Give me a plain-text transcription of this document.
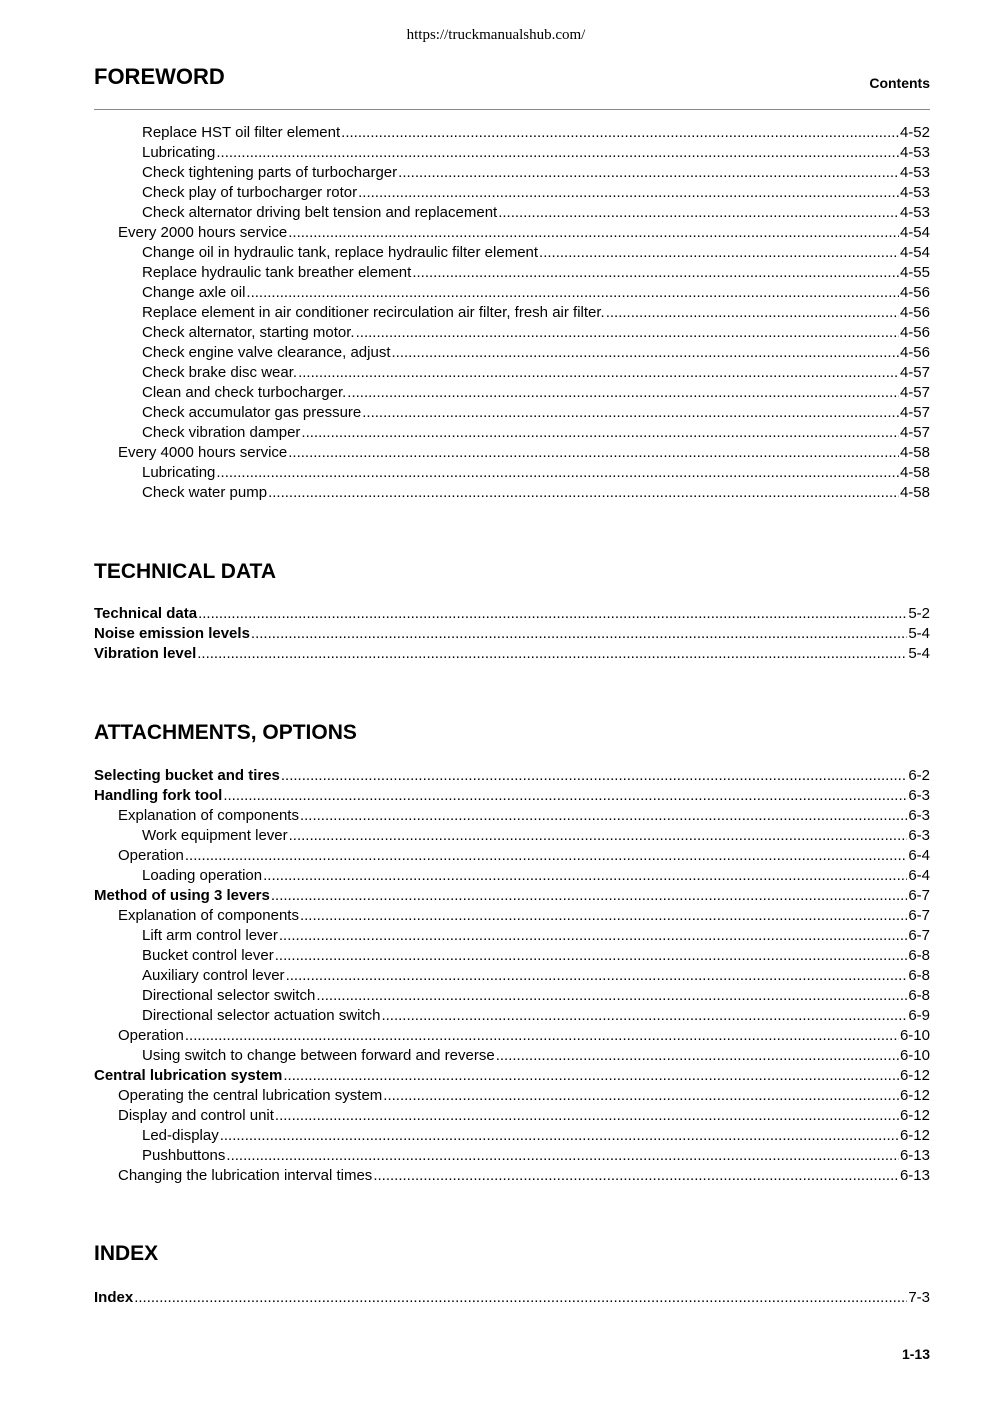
https://truckmanualshub.com/
FOREWORD	Contents
Replace HST oil filter element .....	4-52
Lubricating .....	4-53
Check tightening parts of turbocharger .....	4-53
Check play of turbocharger rotor .....	4-53
Check alternator driving belt tension and replacement .....	4-53
Every 2000 hours service .....	4-54
Change oil in hydraulic tank, replace hydraulic filter element .....	4-54
Replace hydraulic tank breather element .....	4-55
Change axle oil .....	4-56
Replace element in air conditioner recirculation air filter, fresh air filter. .....	4-56
Check alternator, starting motor. .....	4-56
Check engine valve clearance, adjust .....	4-56
Check brake disc wear. .....	4-57
Clean and check turbocharger. .....	4-57
Check accumulator gas pressure .....	4-57
Check vibration damper .....	4-57
Every 4000 hours service .....	4-58
Lubricating .....	4-58
Check water pump .....	4-58
TECHNICAL DATA
Technical data .....	5-2
Noise emission levels .....	5-4
Vibration level .....	5-4
ATTACHMENTS, OPTIONS
Selecting bucket and tires .....	6-2
Handling fork tool .....	6-3
Explanation of components .....	6-3
Work equipment lever .....	6-3
Operation .....	6-4
Loading operation .....	6-4
Method of using 3 levers .....	6-7
Explanation of components .....	6-7
Lift arm control lever .....	6-7
Bucket control lever .....	6-8
Auxiliary control lever .....	6-8
Directional selector switch .....	6-8
Directional selector actuation switch .....	6-9
Operation .....	6-10
Using switch to change between forward and reverse .....	6-10
Central lubrication system .....	6-12
Operating the central lubrication system .....	6-12
Display and control unit .....	6-12
Led-display .....	6-12
Pushbuttons .....	6-13
Changing the lubrication interval times .....	6-13
INDEX
Index .....	7-3
1-13
